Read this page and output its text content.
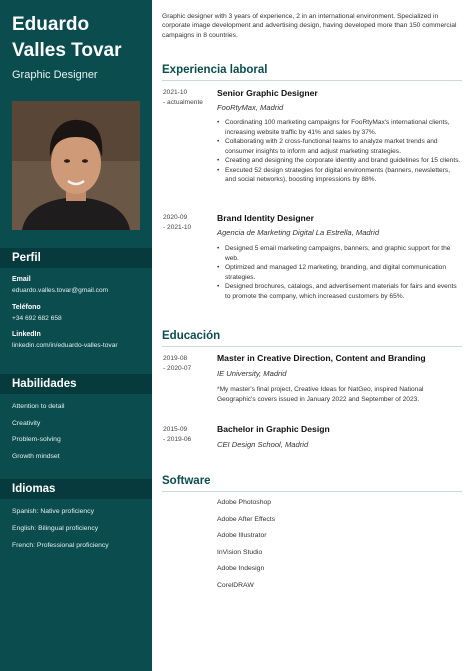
Eduardo
Valles Tovar
Graphic Designer
Perfil
Email
eduardo.valles.tovar@gmail.com
Teléfono
+34 692 682 658
LinkedIn
linkedin.com/in/eduardo-valles-tovar
Habilidades
Attention to detail
Creativity
Problem-solving
Growth mindset
Idiomas
Spanish: Native proficiency
English: Bilingual proficiency
French: Professional proficiency
Graphic designer with 3 years of experience, 2 in an international environment. Specialized in corporate image development and advertising design, having developed more than 150 commercial campaigns in 8 countries.
Experiencia laboral
2021-10
- actualmente
Senior Graphic Designer
FooRtyMax, Madrid
• Coordinating 100 marketing campaigns for FooRtyMax's international clients, increasing website traffic by 41% and sales by 37%.
• Collaborating with 2 cross-functional teams to analyze market trends and consumer insights to inform and adjust marketing strategies.
• Creating and designing the corporate identity and brand guidelines for 15 clients.
• Executed 52 design strategies for digital environments (banners, newsletters, and social networks), boosting impressions by 88%.
2020-09
- 2021-10
Brand Identity Designer
Agencia de Marketing Digital La Estrella, Madrid
• Designed 5 email marketing campaigns, banners, and graphic support for the web.
• Optimized and managed 12 marketing, branding, and digital communication strategies.
• Designed brochures, catalogs, and advertisement materials for fairs and events to promote the company, which increased customers by 65%.
Educación
2019-08
- 2020-07
Master in Creative Direction, Content and Branding
IE University, Madrid
*My master's final project, Creative Ideas for NatGeo, inspired National Geographic's covers issued in January 2022 and September of 2023.
2015-09
- 2019-06
Bachelor in Graphic Design
CEI Design School, Madrid
Software
Adobe Photoshop
Adobe After Effects
Adobe Illustrator
InVision Studio
Adobe Indesign
CorelDRAW
